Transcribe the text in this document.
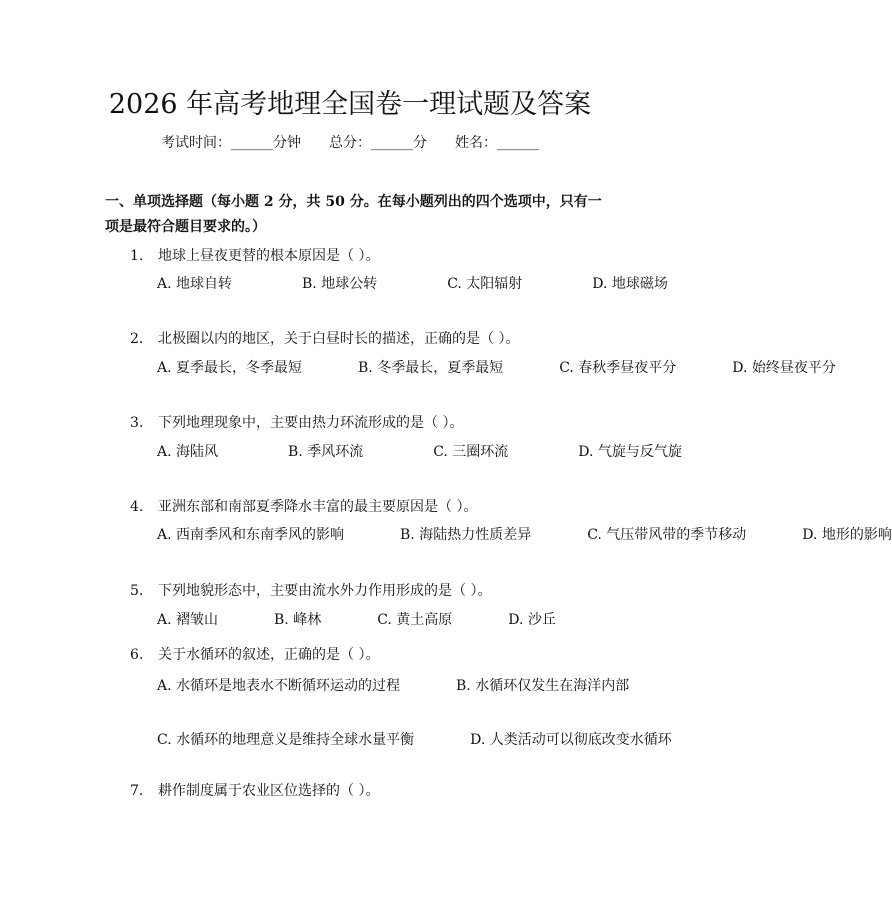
2026 年高考地理全国卷一理试题及答案
考试时间：______分钟 总分：______分 姓名：______
一、单项选择题（每小题 2 分，共 50 分。在每小题列出的四个选项中，只有一项是最符合题目要求的。）
1. 地球上昼夜更替的根本原因是（ ）。
A. 地球自转　　　　　B. 地球公转　　　　　C. 太阳辐射　　　　　D. 地球磁场
2. 北极圈以内的地区，关于白昼时长的描述，正确的是（ ）。
A. 夏季最长，冬季最短　　　　B. 冬季最长，夏季最短　　　　C. 春秋季昼夜平分　　　　D. 始终昼夜平分
3. 下列地理现象中，主要由热力环流形成的是（ ）。
A. 海陆风　　　　　B. 季风环流　　　　　C. 三圈环流　　　　　D. 气旋与反气旋
4. 亚洲东部和南部夏季降水丰富的最主要原因是（ ）。
A. 西南季风和东南季风的影响　　　　B. 海陆热力性质差异　　　　C. 气压带风带的季节移动　　　　D. 地形的影响
5. 下列地貌形态中，主要由流水外力作用形成的是（ ）。
A. 褶皱山　　　　B. 峰林　　　　C. 黄土高原　　　　D. 沙丘
6. 关于水循环的叙述，正确的是（ ）。
A. 水循环是地表水不断循环运动的过程　　　　B. 水循环仅发生在海洋内部
C. 水循环的地理意义是维持全球水量平衡　　　　D. 人类活动可以彻底改变水循环
7. 耕作制度属于农业区位选择的（ ）。
